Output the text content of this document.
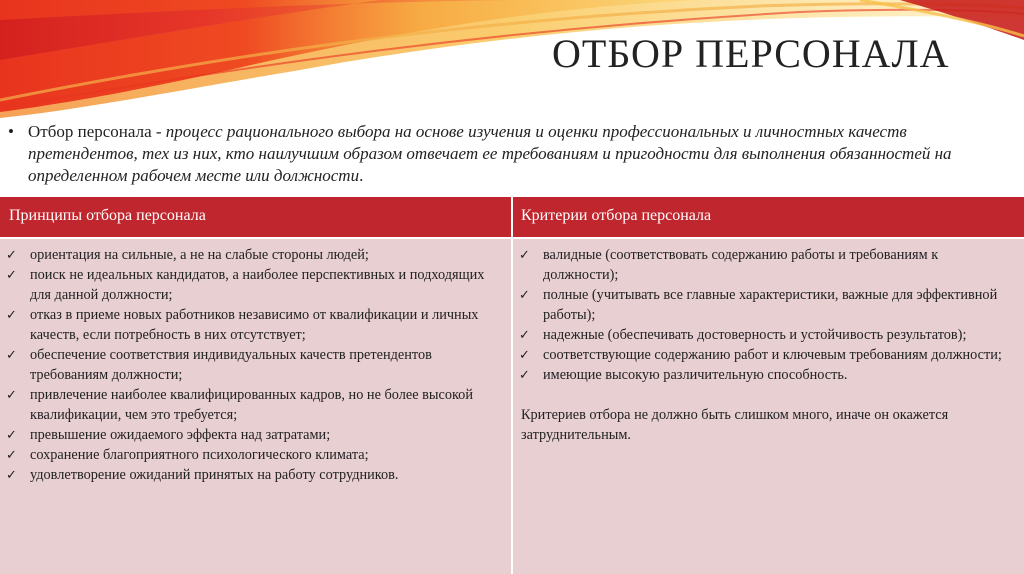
ОТБОР ПЕРСОНАЛА
• Отбор персонала - процесс рационального выбора на основе изучения и оценки профессиональных и личностных качеств претендентов, тех из них, кто наилучшим образом отвечает ее требованиям и пригодности для выполнения обязанностей на определенном рабочем месте или должности.
Принципы отбора персонала	Критерии отбора персонала
✓ ориентация на сильные, а не на слабые стороны людей;
✓ поиск не идеальных кандидатов, а наиболее перспективных и подходящих для данной должности;
✓ отказ в приеме новых работников независимо от квалификации и личных качеств, если потребность в них отсутствует;
✓ обеспечение соответствия индивидуальных качеств претендентов требованиям должности;
✓ привлечение наиболее квалифицированных кадров, но не более высокой квалификации, чем это требуется;
✓ превышение ожидаемого эффекта над затратами;
✓ сохранение благоприятного психологического климата;
✓ удовлетворение ожиданий принятых на работу сотрудников.
✓ валидные (соответствовать содержанию работы и требованиям к должности);
✓ полные (учитывать все главные характеристики, важные для эффективной работы);
✓ надежные (обеспечивать достоверность и устойчивость результатов);
✓ соответствующие содержанию работ и ключевым требованиям должности;
✓ имеющие высокую различительную способность.
Критериев отбора не должно быть слишком много, иначе он окажется затруднительным.
